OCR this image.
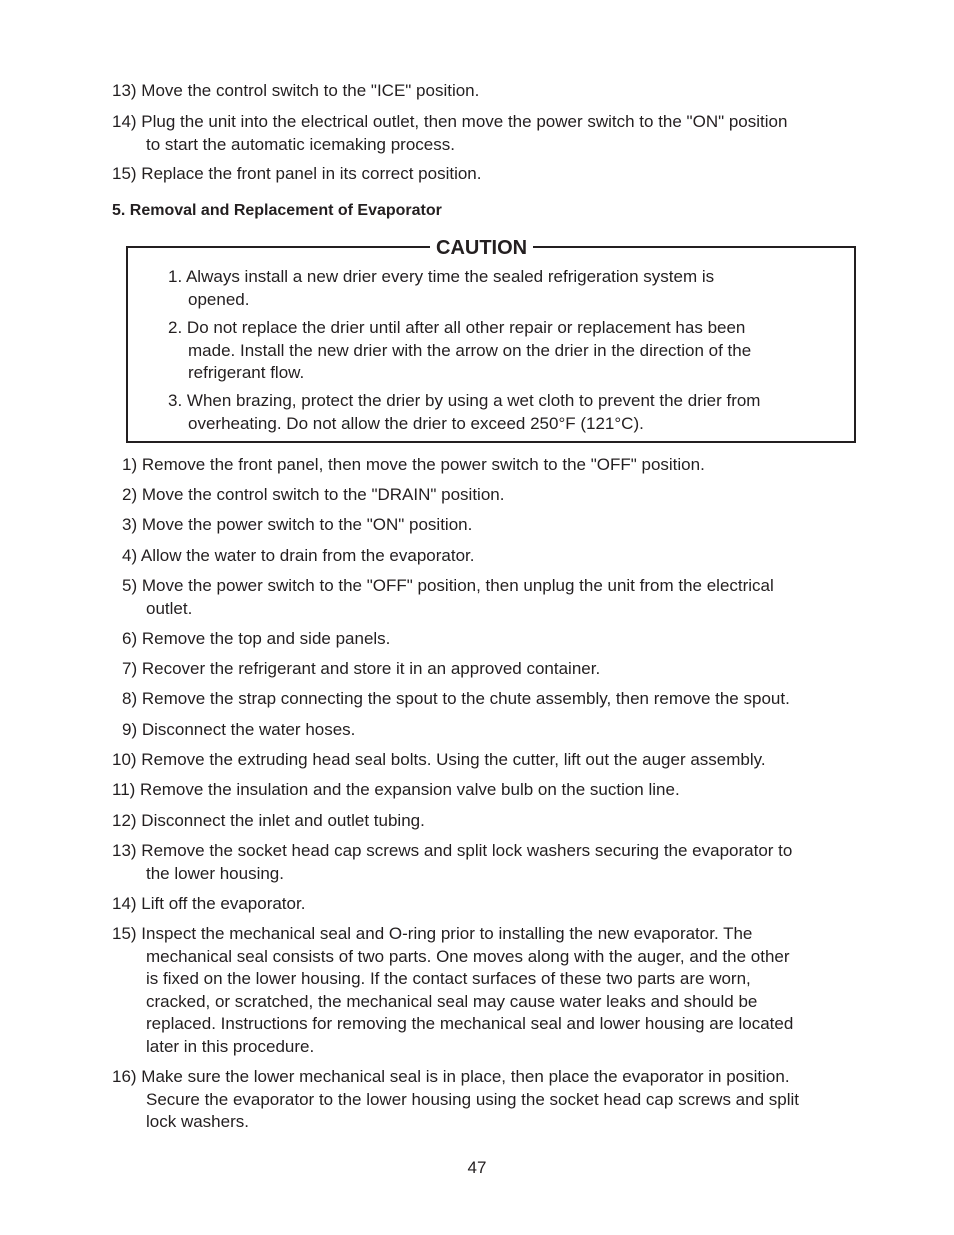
13) Move the control switch to the "ICE" position.
14) Plug the unit into the electrical outlet, then move the power switch to the "ON" position
to start the automatic icemaking process.
15) Replace the front panel in its correct position.
5. Removal and Replacement of Evaporator
CAUTION
1. Always install a new drier every time the sealed refrigeration system is
opened.
2. Do not replace the drier until after all other repair or replacement has been
made. Install the new drier with the arrow on the drier in the direction of the
refrigerant flow.
3. When brazing, protect the drier by using a wet cloth to prevent the drier from
overheating. Do not allow the drier to exceed 250°F (121°C).
1) Remove the front panel, then move the power switch to the "OFF" position.
2) Move the control switch to the "DRAIN" position.
3) Move the power switch to the "ON" position.
4) Allow the water to drain from the evaporator.
5) Move the power switch to the "OFF" position, then unplug the unit from the electrical
outlet.
6) Remove the top and side panels.
7) Recover the refrigerant and store it in an approved container.
8) Remove the strap connecting the spout to the chute assembly, then remove the spout.
9) Disconnect the water hoses.
10) Remove the extruding head seal bolts. Using the cutter, lift out the auger assembly.
11) Remove the insulation and the expansion valve bulb on the suction line.
12) Disconnect the inlet and outlet tubing.
13) Remove the socket head cap screws and split lock washers securing the evaporator to
the lower housing.
14) Lift off the evaporator.
15) Inspect the mechanical seal and O-ring prior to installing the new evaporator. The
mechanical seal consists of two parts. One moves along with the auger, and the other
is fixed on the lower housing. If the contact surfaces of these two parts are worn,
cracked, or scratched, the mechanical seal may cause water leaks and should be
replaced. Instructions for removing the mechanical seal and lower housing are located
later in this procedure.
16) Make sure the lower mechanical seal is in place, then place the evaporator in position.
Secure the evaporator to the lower housing using the socket head cap screws and split
lock washers.
47
